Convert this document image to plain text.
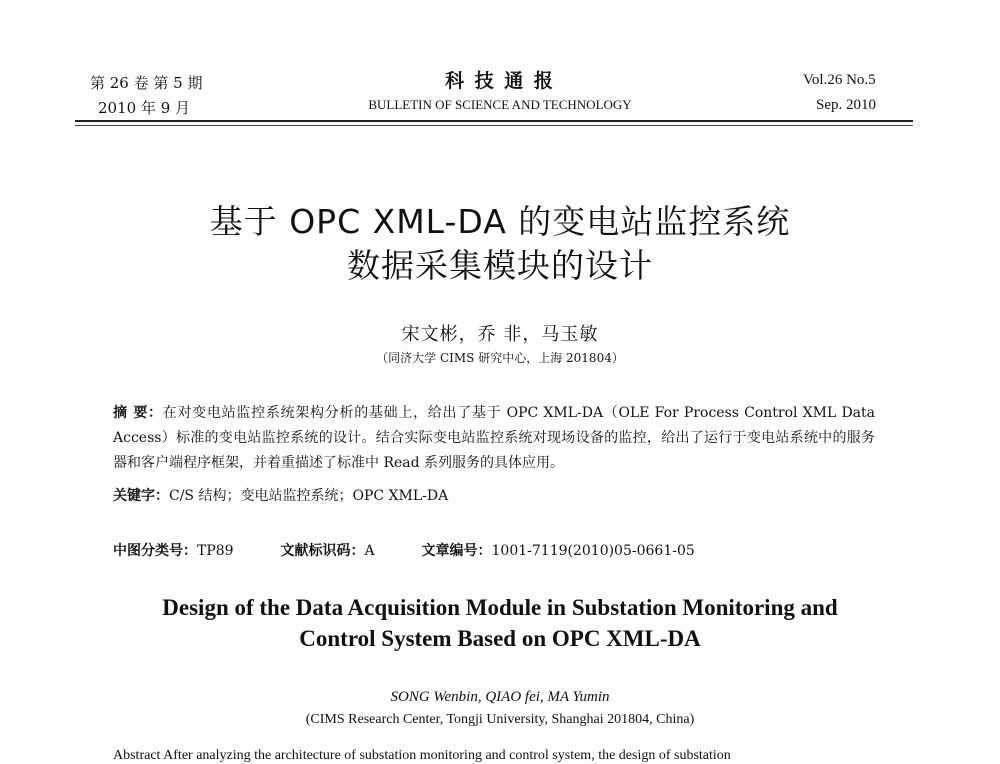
第 26 卷 第 5 期
2010 年 9 月
科 技 通 报
BULLETIN OF SCIENCE AND TECHNOLOGY
Vol.26 No.5
Sep. 2010
基于 OPC XML-DA 的变电站监控系统
数据采集模块的设计
宋文彬，乔 非，马玉敏
（同济大学 CIMS 研究中心，上海 201804）
摘 要：在对变电站监控系统架构分析的基础上，给出了基于 OPC XML-DA（OLE For Process Control XML Data Access）标准的变电站监控系统的设计。结合实际变电站监控系统对现场设备的监控，给出了运行于变电站系统中的服务器和客户端程序框架，并着重描述了标准中 Read 系列服务的具体应用。
关键字：C/S 结构；变电站监控系统；OPC XML-DA
中图分类号：TP89	文献标识码：A	文章编号：1001-7119(2010)05-0661-05
Design of the Data Acquisition Module in Substation Monitoring and
Control System Based on OPC XML-DA
SONG Wenbin, QIAO fei, MA Yumin
(CIMS Research Center, Tongji University, Shanghai 201804, China)
Abstract After analyzing the architecture of substation monitoring and control system, the design of substation
